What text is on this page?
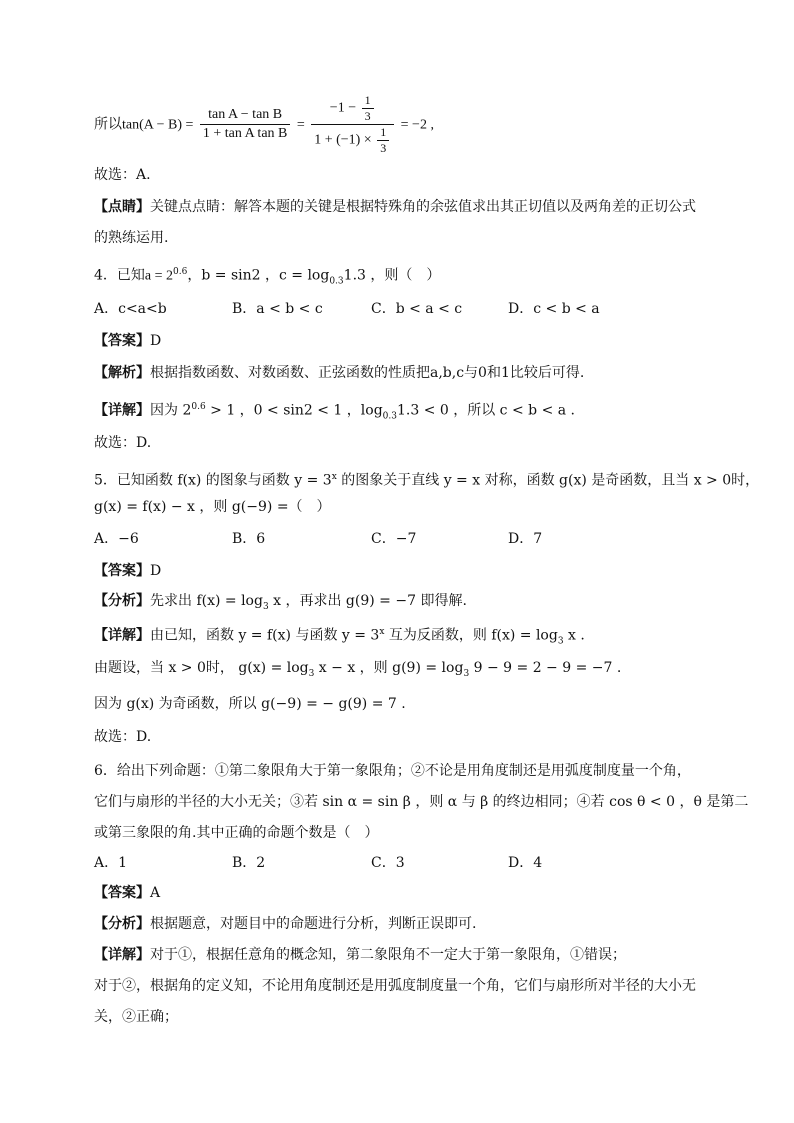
所以$\tan(A - B) = \frac{\text{tan A − tan B}}{\text{1 + tan A tan B}} = \frac{-1 - \frac{1}{3}}{1 + (-1) \times \frac{1}{3}} = -2$ ,
故选：A.
【点睛】关键点点睛：解答本题的关键是根据特殊角的余弦值求出其正切值以及两角差的正切公式
的熟练运用.
4．已知$a = 2^{0.6}$，b = sin2 ，$c = \log_{0.3}1.3$ ，则（　）
A．c<a<b	B．a < b < c	C．b < a < c	D．c < b < a
【答案】D
【解析】根据指数函数、对数函数、正弦函数的性质把a,b,c与0和1比较后可得.
【详解】因为 $2^{0.6} > 1$ ，0 < sin2 < 1 ，$\log_{0.3}1.3 < 0$ ，所以 c < b < a .
故选：D.
5．已知函数 f(x) 的图象与函数 $y = 3^x$ 的图象关于直线 y = x 对称，函数 g(x) 是奇函数，且当 x > 0时，
g(x) = f(x) − x ，则 g(−9) =（　）
A．−6	B．6	C．−7	D．7
【答案】D
【分析】先求出 $f(x) = \log_3 x$ ，再求出 g(9) = −7 即得解.
【详解】由已知，函数 y = f(x) 与函数 $y = 3^x$ 互为反函数，则 $f(x) = \log_3 x$ .
由题设，当 x > 0时， $g(x) = \log_3 x - x$ ，则 $g(9) = \log_3 9 - 9 = 2 - 9 = -7$ .
因为 g(x) 为奇函数，所以 g(−9) = − g(9) = 7 .
故选：D.
6．给出下列命题：①第二象限角大于第一象限角；②不论是用角度制还是用弧度制度量一个角，
它们与扇形的半径的大小无关；③若 sin α = sin β ，则 α 与 β 的终边相同；④若 cos θ < 0 ，θ 是第二
或第三象限的角.其中正确的命题个数是（　）
A．1	B．2	C．3	D．4
【答案】A
【分析】根据题意，对题目中的命题进行分析，判断正误即可.
【详解】对于①，根据任意角的概念知，第二象限角不一定大于第一象限角，①错误；
对于②，根据角的定义知，不论用角度制还是用弧度制度量一个角，它们与扇形所对半径的大小无
关，②正确；
